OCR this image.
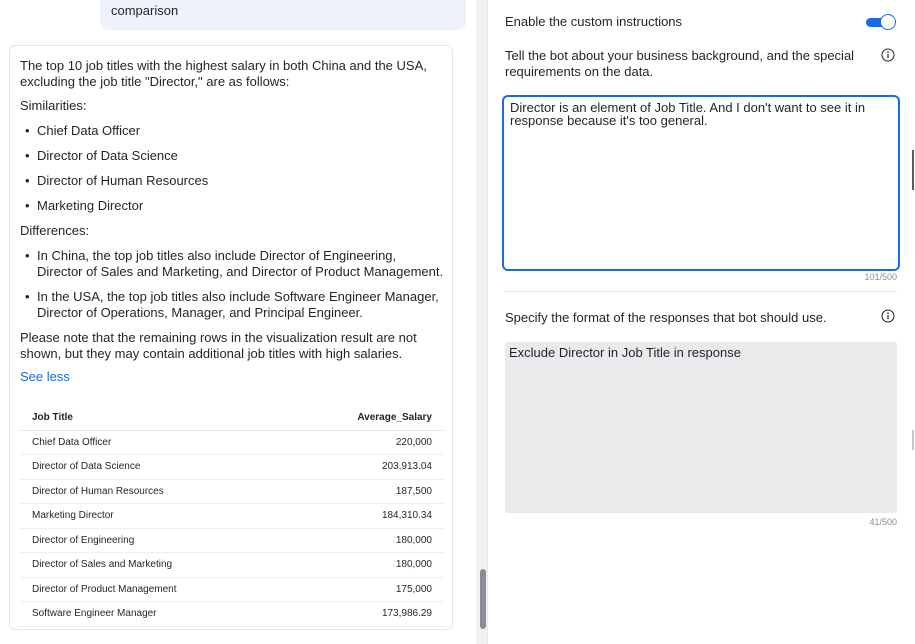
comparison

The top 10 job titles with the highest salary in both China and the USA, excluding the job title "Director," are as follows:

Similarities:

• Chief Data Officer
• Director of Data Science
• Director of Human Resources
• Marketing Director

Differences:

• In China, the top job titles also include Director of Engineering, Director of Sales and Marketing, and Director of Product Management.
• In the USA, the top job titles also include Software Engineer Manager, Director of Operations, Manager, and Principal Engineer.

Please note that the remaining rows in the visualization result are not shown, but they may contain additional job titles with high salaries.

See less
Job Title	Average_Salary
Chief Data Officer	220,000
Director of Data Science	203,913.04
Director of Human Resources	187,500
Marketing Director	184,310.34
Director of Engineering	180,000
Director of Sales and Marketing	180,000
Director of Product Management	175,000
Software Engineer Manager	173,986.29
Enable the custom instructions
Tell the bot about your business background, and the special requirements on the data.
Director is an element of Job Title. And I don't want to see it in response because it's too general.
101/500
Specify the format of the responses that bot should use.
Exclude Director in Job Title in response
41/500
